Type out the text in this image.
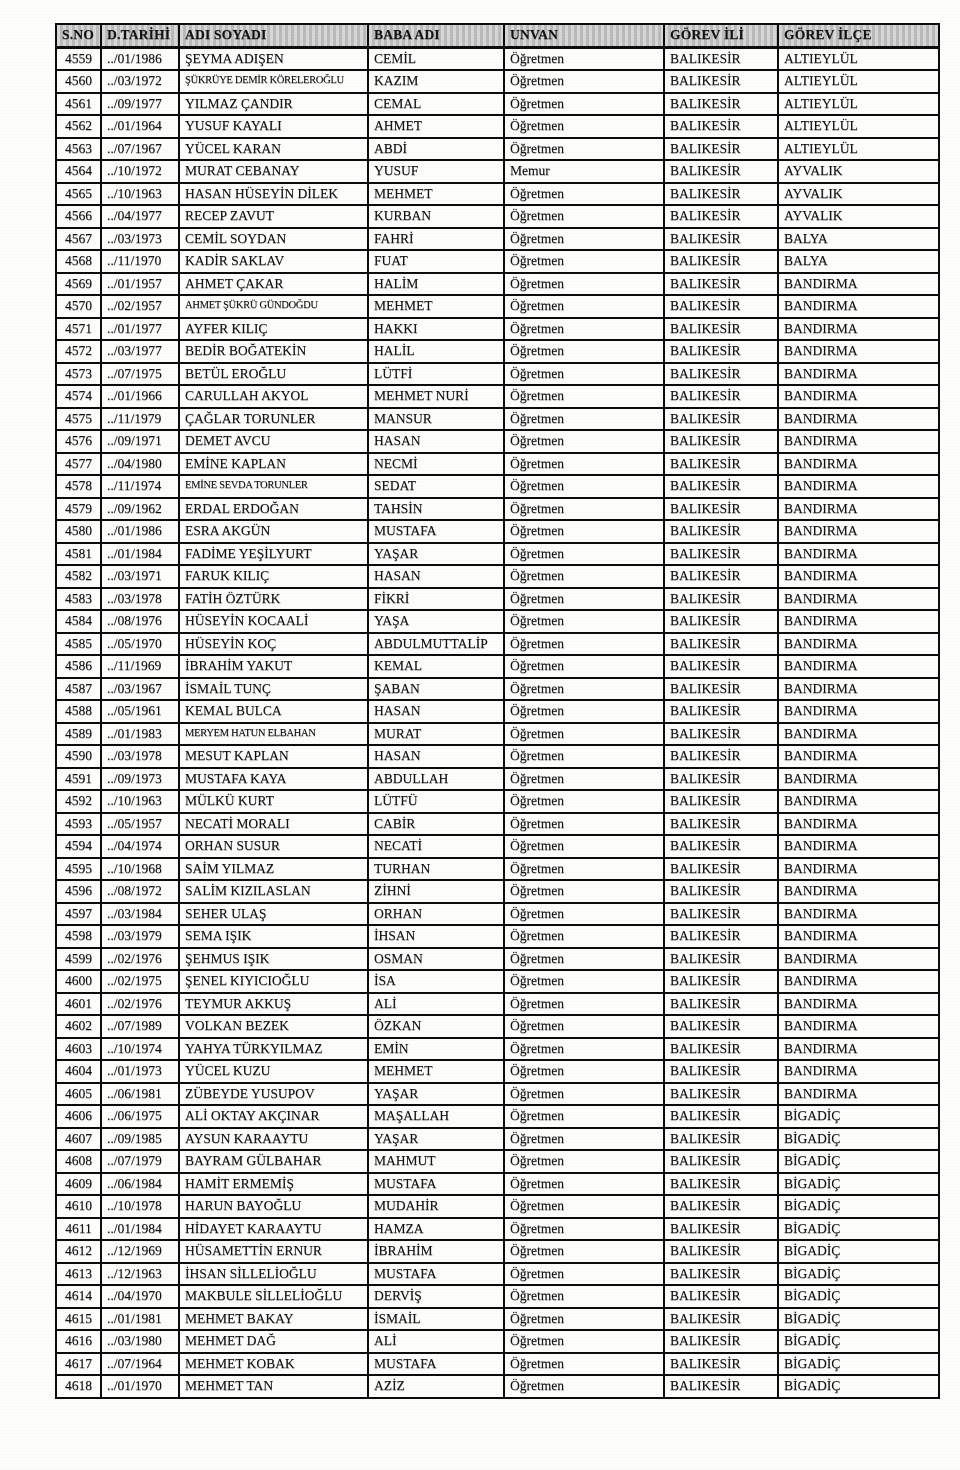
S.NO	D.TARİHİ	ADI SOYADI	BABA ADI	UNVAN	GÖREV İLİ	GÖREV İLÇE
4559	../01/1986	ŞEYMA ADIŞEN	CEMİL	Öğretmen	BALIKESİR	ALTIEYLÜL
4560	../03/1972	ŞÜKRÜYE DEMİR KÖRELEROĞLU	KAZIM	Öğretmen	BALIKESİR	ALTIEYLÜL
4561	../09/1977	YILMAZ ÇANDIR	CEMAL	Öğretmen	BALIKESİR	ALTIEYLÜL
4562	../01/1964	YUSUF KAYALI	AHMET	Öğretmen	BALIKESİR	ALTIEYLÜL
4563	../07/1967	YÜCEL KARAN	ABDİ	Öğretmen	BALIKESİR	ALTIEYLÜL
4564	../10/1972	MURAT CEBANAY	YUSUF	Memur	BALIKESİR	AYVALIK
4565	../10/1963	HASAN HÜSEYİN DİLEK	MEHMET	Öğretmen	BALIKESİR	AYVALIK
4566	../04/1977	RECEP ZAVUT	KURBAN	Öğretmen	BALIKESİR	AYVALIK
4567	../03/1973	CEMİL SOYDAN	FAHRİ	Öğretmen	BALIKESİR	BALYA
4568	../11/1970	KADİR SAKLAV	FUAT	Öğretmen	BALIKESİR	BALYA
4569	../01/1957	AHMET ÇAKAR	HALİM	Öğretmen	BALIKESİR	BANDIRMA
4570	../02/1957	AHMET ŞÜKRÜ GÜNDOĞDU	MEHMET	Öğretmen	BALIKESİR	BANDIRMA
4571	../01/1977	AYFER KILIÇ	HAKKI	Öğretmen	BALIKESİR	BANDIRMA
4572	../03/1977	BEDİR BOĞATEKİN	HALİL	Öğretmen	BALIKESİR	BANDIRMA
4573	../07/1975	BETÜL EROĞLU	LÜTFİ	Öğretmen	BALIKESİR	BANDIRMA
4574	../01/1966	CARULLAH AKYOL	MEHMET NURİ	Öğretmen	BALIKESİR	BANDIRMA
4575	../11/1979	ÇAĞLAR TORUNLER	MANSUR	Öğretmen	BALIKESİR	BANDIRMA
4576	../09/1971	DEMET AVCU	HASAN	Öğretmen	BALIKESİR	BANDIRMA
4577	../04/1980	EMİNE KAPLAN	NECMİ	Öğretmen	BALIKESİR	BANDIRMA
4578	../11/1974	EMİNE SEVDA TORUNLER	SEDAT	Öğretmen	BALIKESİR	BANDIRMA
4579	../09/1962	ERDAL ERDOĞAN	TAHSİN	Öğretmen	BALIKESİR	BANDIRMA
4580	../01/1986	ESRA AKGÜN	MUSTAFA	Öğretmen	BALIKESİR	BANDIRMA
4581	../01/1984	FADİME YEŞİLYURT	YAŞAR	Öğretmen	BALIKESİR	BANDIRMA
4582	../03/1971	FARUK KILIÇ	HASAN	Öğretmen	BALIKESİR	BANDIRMA
4583	../03/1978	FATİH ÖZTÜRK	FİKRİ	Öğretmen	BALIKESİR	BANDIRMA
4584	../08/1976	HÜSEYİN KOCAALİ	YAŞA	Öğretmen	BALIKESİR	BANDIRMA
4585	../05/1970	HÜSEYİN KOÇ	ABDULMUTTALİP	Öğretmen	BALIKESİR	BANDIRMA
4586	../11/1969	İBRAHİM YAKUT	KEMAL	Öğretmen	BALIKESİR	BANDIRMA
4587	../03/1967	İSMAİL TUNÇ	ŞABAN	Öğretmen	BALIKESİR	BANDIRMA
4588	../05/1961	KEMAL BULCA	HASAN	Öğretmen	BALIKESİR	BANDIRMA
4589	../01/1983	MERYEM HATUN ELBAHAN	MURAT	Öğretmen	BALIKESİR	BANDIRMA
4590	../03/1978	MESUT KAPLAN	HASAN	Öğretmen	BALIKESİR	BANDIRMA
4591	../09/1973	MUSTAFA KAYA	ABDULLAH	Öğretmen	BALIKESİR	BANDIRMA
4592	../10/1963	MÜLKÜ KURT	LÜTFÜ	Öğretmen	BALIKESİR	BANDIRMA
4593	../05/1957	NECATİ MORALI	CABİR	Öğretmen	BALIKESİR	BANDIRMA
4594	../04/1974	ORHAN SUSUR	NECATİ	Öğretmen	BALIKESİR	BANDIRMA
4595	../10/1968	SAİM YILMAZ	TURHAN	Öğretmen	BALIKESİR	BANDIRMA
4596	../08/1972	SALİM KIZILASLAN	ZİHNİ	Öğretmen	BALIKESİR	BANDIRMA
4597	../03/1984	SEHER ULAŞ	ORHAN	Öğretmen	BALIKESİR	BANDIRMA
4598	../03/1979	SEMA IŞIK	İHSAN	Öğretmen	BALIKESİR	BANDIRMA
4599	../02/1976	ŞEHMUS IŞIK	OSMAN	Öğretmen	BALIKESİR	BANDIRMA
4600	../02/1975	ŞENEL KIYICIOĞLU	İSA	Öğretmen	BALIKESİR	BANDIRMA
4601	../02/1976	TEYMUR AKKUŞ	ALİ	Öğretmen	BALIKESİR	BANDIRMA
4602	../07/1989	VOLKAN BEZEK	ÖZKAN	Öğretmen	BALIKESİR	BANDIRMA
4603	../10/1974	YAHYA TÜRKYILMAZ	EMİN	Öğretmen	BALIKESİR	BANDIRMA
4604	../01/1973	YÜCEL KUZU	MEHMET	Öğretmen	BALIKESİR	BANDIRMA
4605	../06/1981	ZÜBEYDE YUSUPOV	YAŞAR	Öğretmen	BALIKESİR	BANDIRMA
4606	../06/1975	ALİ OKTAY AKÇINAR	MAŞALLAH	Öğretmen	BALIKESİR	BİGADİÇ
4607	../09/1985	AYSUN KARAAYTU	YAŞAR	Öğretmen	BALIKESİR	BİGADİÇ
4608	../07/1979	BAYRAM GÜLBAHAR	MAHMUT	Öğretmen	BALIKESİR	BİGADİÇ
4609	../06/1984	HAMİT ERMEMİŞ	MUSTAFA	Öğretmen	BALIKESİR	BİGADİÇ
4610	../10/1978	HARUN BAYOĞLU	MUDAHİR	Öğretmen	BALIKESİR	BİGADİÇ
4611	../01/1984	HİDAYET KARAAYTU	HAMZA	Öğretmen	BALIKESİR	BİGADİÇ
4612	../12/1969	HÜSAMETTİN ERNUR	İBRAHİM	Öğretmen	BALIKESİR	BİGADİÇ
4613	../12/1963	İHSAN SİLLELİOĞLU	MUSTAFA	Öğretmen	BALIKESİR	BİGADİÇ
4614	../04/1970	MAKBULE SİLLELİOĞLU	DERVİŞ	Öğretmen	BALIKESİR	BİGADİÇ
4615	../01/1981	MEHMET BAKAY	İSMAİL	Öğretmen	BALIKESİR	BİGADİÇ
4616	../03/1980	MEHMET DAĞ	ALİ	Öğretmen	BALIKESİR	BİGADİÇ
4617	../07/1964	MEHMET KOBAK	MUSTAFA	Öğretmen	BALIKESİR	BİGADİÇ
4618	../01/1970	MEHMET TAN	AZİZ	Öğretmen	BALIKESİR	BİGADİÇ
